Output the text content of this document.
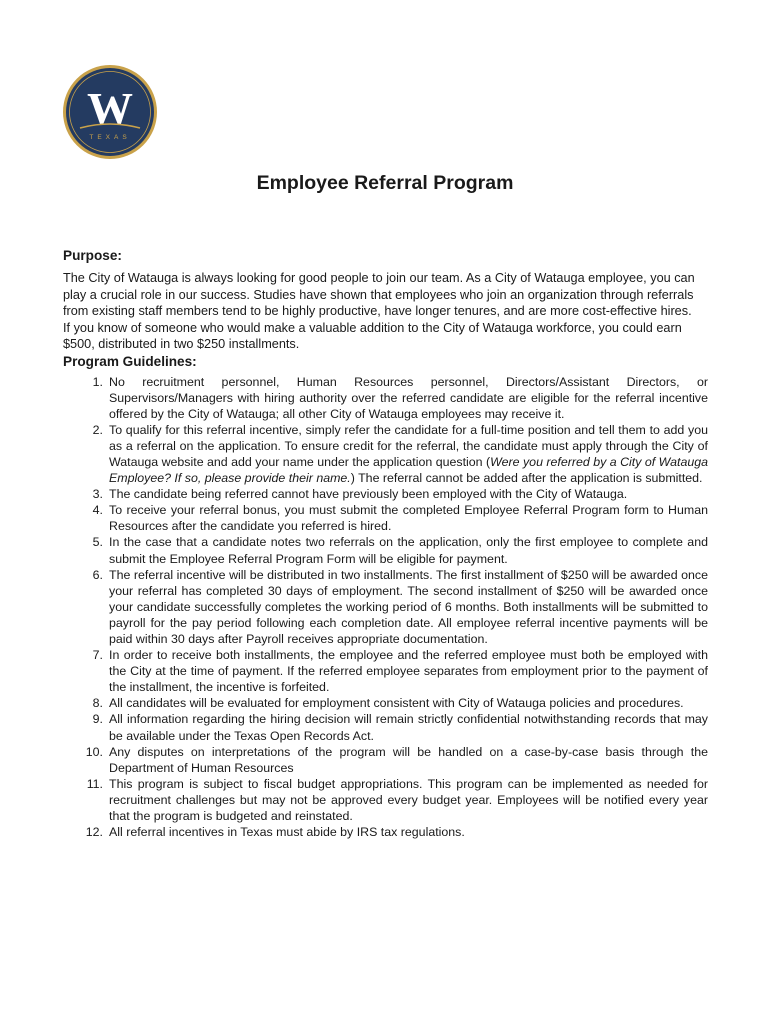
W
TEXAS
Employee Referral Program
Purpose:

The City of Watauga is always looking for good people to join our team. As a City of Watauga employee, you can play a crucial role in our success. Studies have shown that employees who join an organization through referrals from existing staff members tend to be highly productive, have longer tenures, and are more cost-effective hires.

If you know of someone who would make a valuable addition to the City of Watauga workforce, you could earn $500, distributed in two $250 installments.

Program Guidelines:
1. No recruitment personnel, Human Resources personnel, Directors/Assistant Directors, or Supervisors/Managers with hiring authority over the referred candidate are eligible for the referral incentive offered by the City of Watauga; all other City of Watauga employees may receive it.
2. To qualify for this referral incentive, simply refer the candidate for a full-time position and tell them to add you as a referral on the application. To ensure credit for the referral, the candidate must apply through the City of Watauga website and add your name under the application question (Were you referred by a City of Watauga Employee? If so, please provide their name.) The referral cannot be added after the application is submitted.
3. The candidate being referred cannot have previously been employed with the City of Watauga.
4. To receive your referral bonus, you must submit the completed Employee Referral Program form to Human Resources after the candidate you referred is hired.
5. In the case that a candidate notes two referrals on the application, only the first employee to complete and submit the Employee Referral Program Form will be eligible for payment.
6. The referral incentive will be distributed in two installments. The first installment of $250 will be awarded once your referral has completed 30 days of employment. The second installment of $250 will be awarded once your candidate successfully completes the working period of 6 months. Both installments will be submitted to payroll for the pay period following each completion date. All employee referral incentive payments will be paid within 30 days after Payroll receives appropriate documentation.
7. In order to receive both installments, the employee and the referred employee must both be employed with the City at the time of payment. If the referred employee separates from employment prior to the payment of the installment, the incentive is forfeited.
8. All candidates will be evaluated for employment consistent with City of Watauga policies and procedures.
9. All information regarding the hiring decision will remain strictly confidential notwithstanding records that may be available under the Texas Open Records Act.
10. Any disputes on interpretations of the program will be handled on a case-by-case basis through the Department of Human Resources
11. This program is subject to fiscal budget appropriations. This program can be implemented as needed for recruitment challenges but may not be approved every budget year. Employees will be notified every year that the program is budgeted and reinstated.
12. All referral incentives in Texas must abide by IRS tax regulations.
